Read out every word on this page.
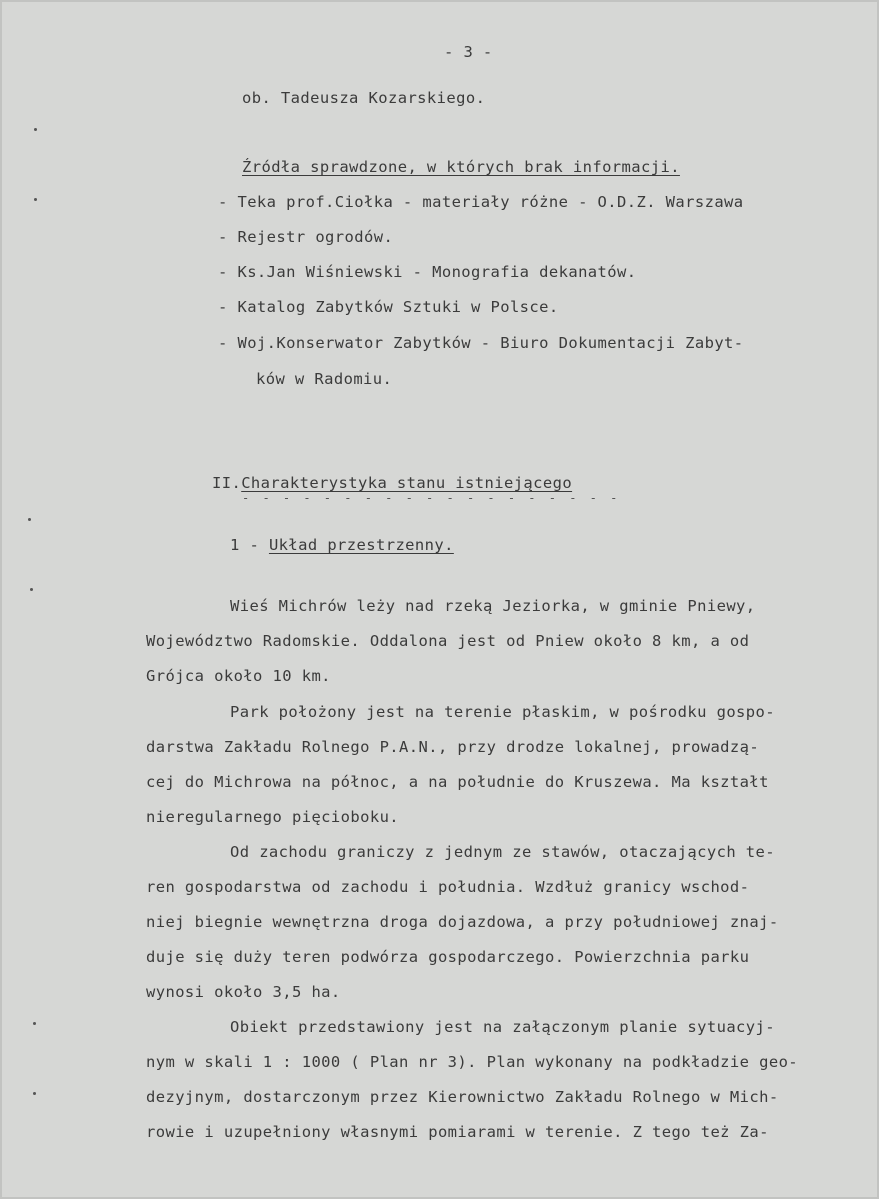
- 3 -
ob. Tadeusza Kozarskiego.
Źródła sprawdzone, w których brak informacji.
- Teka prof.Ciołka - materiały różne - O.D.Z. Warszawa
- Rejestr ogrodów.
- Ks.Jan Wiśniewski - Monografia dekanatów.
- Katalog Zabytków Sztuki w Polsce.
- Woj.Konserwator Zabytków - Biuro Dokumentacji Zabyt-
ków w Radomiu.
II.Charakterystyka stanu istniejącego
- - - - - - - - - - - - - - - - - - -
1 - Układ przestrzenny.
Wieś Michrów leży nad rzeką Jeziorka, w gminie Pniewy,
Województwo Radomskie. Oddalona jest od Pniew około 8 km, a od
Grójca około 10 km.
Park położony jest na terenie płaskim, w pośrodku gospo-
darstwa Zakładu Rolnego P.A.N., przy drodze lokalnej, prowadzą-
cej do Michrowa na północ, a na południe do Kruszewa. Ma kształt
nieregularnego pięcioboku.
Od zachodu graniczy z jednym ze stawów, otaczających te-
ren gospodarstwa od zachodu i południa. Wzdłuż granicy wschod-
niej biegnie wewnętrzna droga dojazdowa, a przy południowej znaj-
duje się duży teren podwórza gospodarczego. Powierzchnia parku
wynosi około 3,5 ha.
Obiekt przedstawiony jest na załączonym planie sytuacyj-
nym w skali 1 : 1000 ( Plan nr 3). Plan wykonany na podkładzie geo-
dezyjnym, dostarczonym przez Kierownictwo Zakładu Rolnego w Mich-
rowie i uzupełniony własnymi pomiarami w terenie. Z tego też Za-
